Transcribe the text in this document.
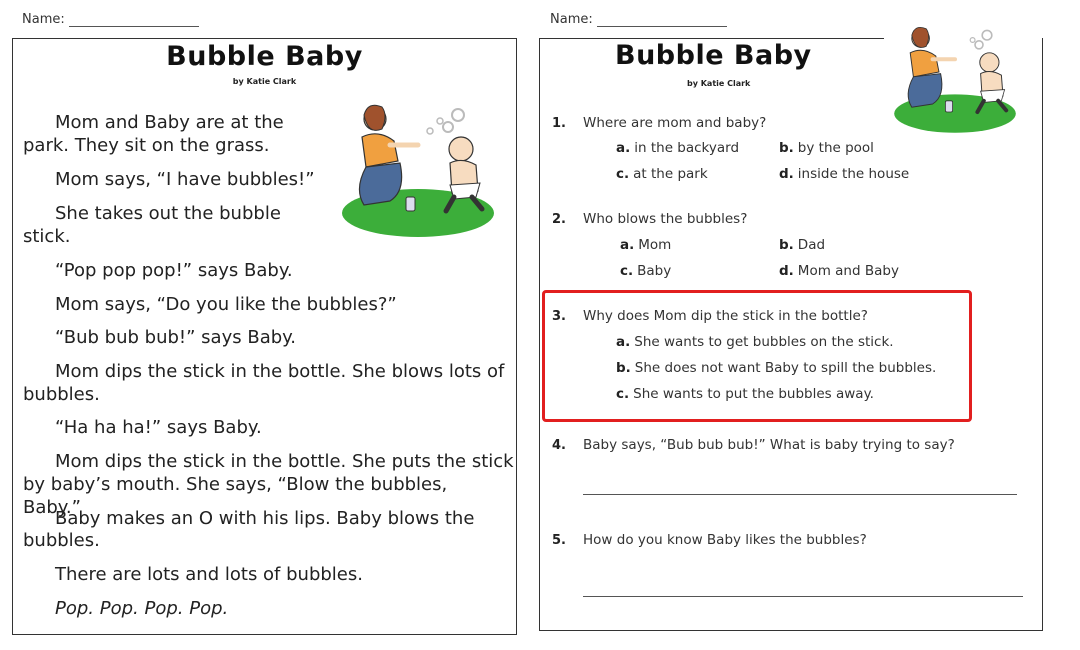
Name:
Bubble Baby
by Katie Clark

Mom and Baby are at the

park. They sit on the grass.

Mom says, “I have bubbles!”

She takes out the bubble

stick.

“Pop pop pop!” says Baby.

Mom says, “Do you like the bubbles?”

“Bub bub bub!” says Baby.

Mom dips the stick in the bottle. She blows lots of

bubbles.

“Ha ha ha!” says Baby.

Mom dips the stick in the bottle. She puts the stick

by baby’s mouth. She says, “Blow the bubbles, Baby.”

Baby makes an O with his lips. Baby blows the

bubbles.

There are lots and lots of bubbles.

Pop. Pop. Pop. Pop.

Name:
Bubble Baby
by Katie Clark
1. Where are mom and baby?
a. in the backyard	b. by the pool
c. at the park	d. inside the house
2. Who blows the bubbles?
a. Mom	b. Dad
c. Baby	d. Mom and Baby
3. Why does Mom dip the stick in the bottle?
a. She wants to get bubbles on the stick.
b. She does not want Baby to spill the bubbles.
c. She wants to put the bubbles away.
4. Baby says, “Bub bub bub!” What is baby trying to say?
5. How do you know Baby likes the bubbles?
